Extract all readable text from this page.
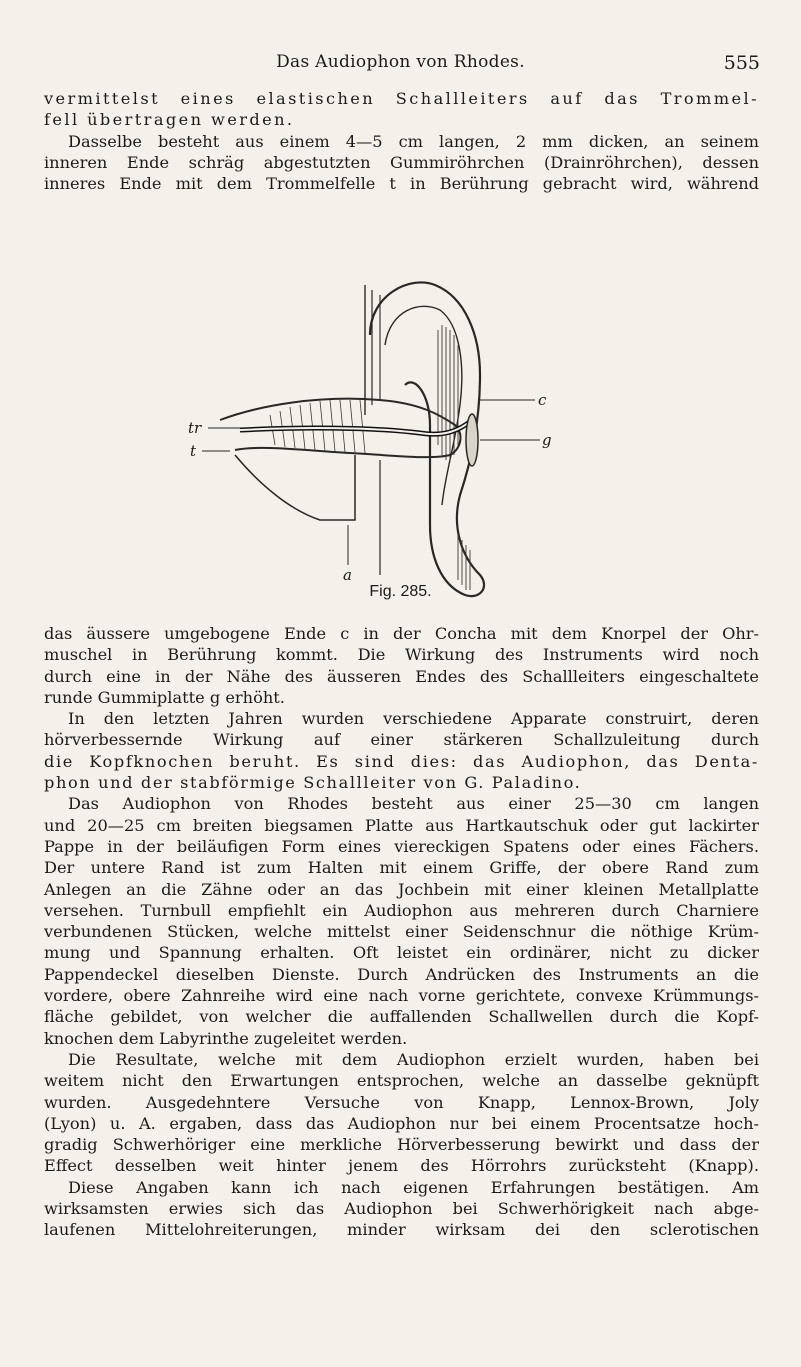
Das Audiophon von Rhodes.	555
vermittelst eines elastischen Schallleiters auf das Trommel-
fell übertragen werden.
Dasselbe besteht aus einem 4—5 cm langen, 2 mm dicken, an seinem
inneren Ende schräg abgestutzten Gummiröhrchen (Drainröhrchen), dessen
inneres Ende mit dem Trommelfelle t in Berührung gebracht wird, während
tr
t
c
g
a
Fig. 285.
das äussere umgebogene Ende c in der Concha mit dem Knorpel der Ohr-
muschel in Berührung kommt. Die Wirkung des Instruments wird noch
durch eine in der Nähe des äusseren Endes des Schallleiters eingeschaltete
runde Gummiplatte g erhöht.
In den letzten Jahren wurden verschiedene Apparate construirt, deren
hörverbessernde Wirkung auf einer stärkeren Schallzuleitung durch
die Kopfknochen beruht. Es sind dies: das Audiophon, das Denta-
phon und der stabförmige Schallleiter von G. Paladino.
Das Audiophon von Rhodes besteht aus einer 25—30 cm langen
und 20—25 cm breiten biegsamen Platte aus Hartkautschuk oder gut lackirter
Pappe in der beiläufigen Form eines viereckigen Spatens oder eines Fächers.
Der untere Rand ist zum Halten mit einem Griffe, der obere Rand zum
Anlegen an die Zähne oder an das Jochbein mit einer kleinen Metallplatte
versehen. Turnbull empfiehlt ein Audiophon aus mehreren durch Charniere
verbundenen Stücken, welche mittelst einer Seidenschnur die nöthige Krüm-
mung und Spannung erhalten. Oft leistet ein ordinärer, nicht zu dicker
Pappendeckel dieselben Dienste. Durch Andrücken des Instruments an die
vordere, obere Zahnreihe wird eine nach vorne gerichtete, convexe Krümmungs-
fläche gebildet, von welcher die auffallenden Schallwellen durch die Kopf-
knochen dem Labyrinthe zugeleitet werden.
Die Resultate, welche mit dem Audiophon erzielt wurden, haben bei
weitem nicht den Erwartungen entsprochen, welche an dasselbe geknüpft
wurden. Ausgedehntere Versuche von Knapp, Lennox-Brown, Joly
(Lyon) u. A. ergaben, dass das Audiophon nur bei einem Procentsatze hoch-
gradig Schwerhöriger eine merkliche Hörverbesserung bewirkt und dass der
Effect desselben weit hinter jenem des Hörrohrs zurücksteht (Knapp).
Diese Angaben kann ich nach eigenen Erfahrungen bestätigen. Am
wirksamsten erwies sich das Audiophon bei Schwerhörigkeit nach abge-
laufenen Mittelohreiterungen, minder wirksam dei den sclerotischen
